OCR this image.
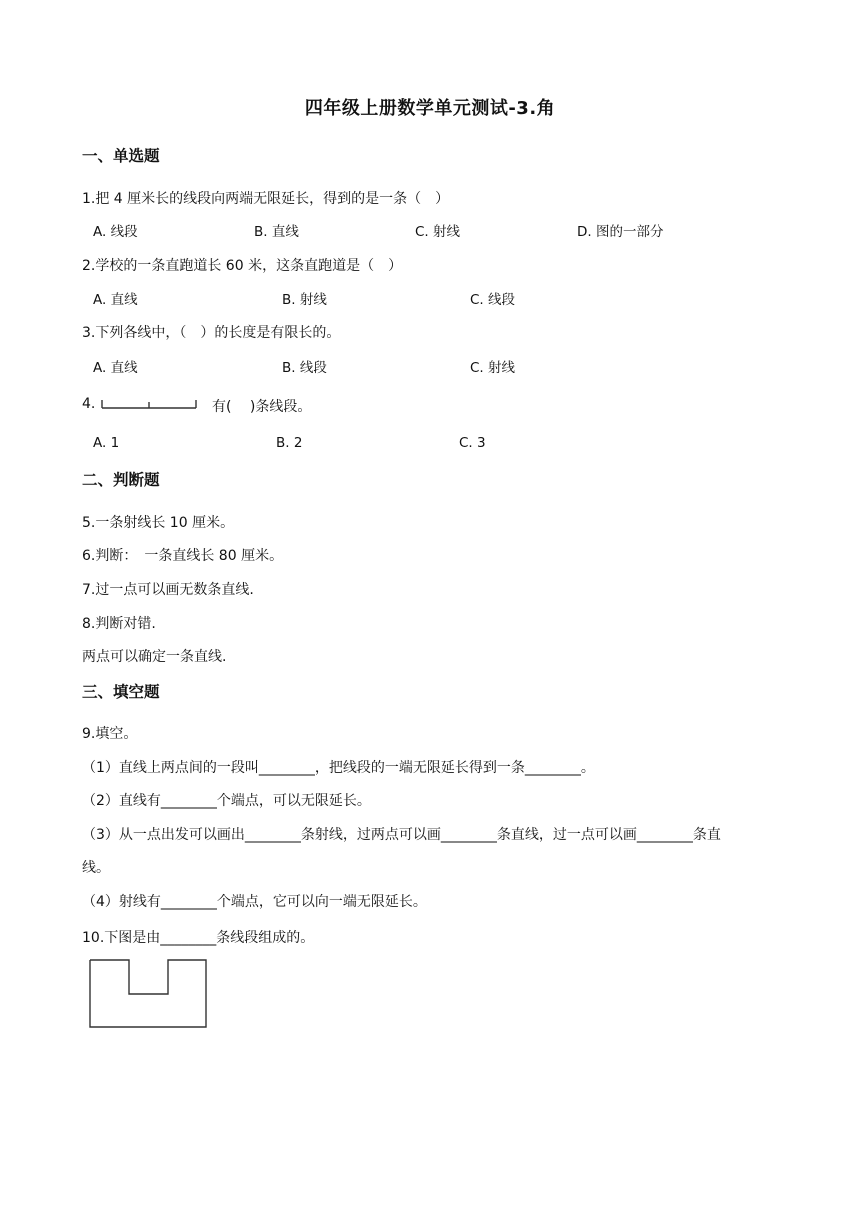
四年级上册数学单元测试-3.角
一、单选题
1.把 4 厘米长的线段向两端无限延长，得到的是一条（　）
A. 线段	B. 直线	C. 射线	D. 图的一部分
2.学校的一条直跑道长 60 米，这条直跑道是（　）
A. 直线	B. 射线	C. 线段
3.下列各线中，（　）的长度是有限长的。
A. 直线	B. 线段	C. 射线
4.	有(　 )条线段。
A. 1	B. 2	C. 3
二、判断题
5.一条射线长 10 厘米。
6.判断：　一条直线长 80 厘米。
7.过一点可以画无数条直线.
8.判断对错.
两点可以确定一条直线.
三、填空题
9.填空。
（1）直线上两点间的一段叫________，把线段的一端无限延长得到一条________。
（2）直线有________个端点，可以无限延长。
（3）从一点出发可以画出________条射线，过两点可以画________条直线，过一点可以画________条直
线。
（4）射线有________个端点，它可以向一端无限延长。
10.下图是由________条线段组成的。
